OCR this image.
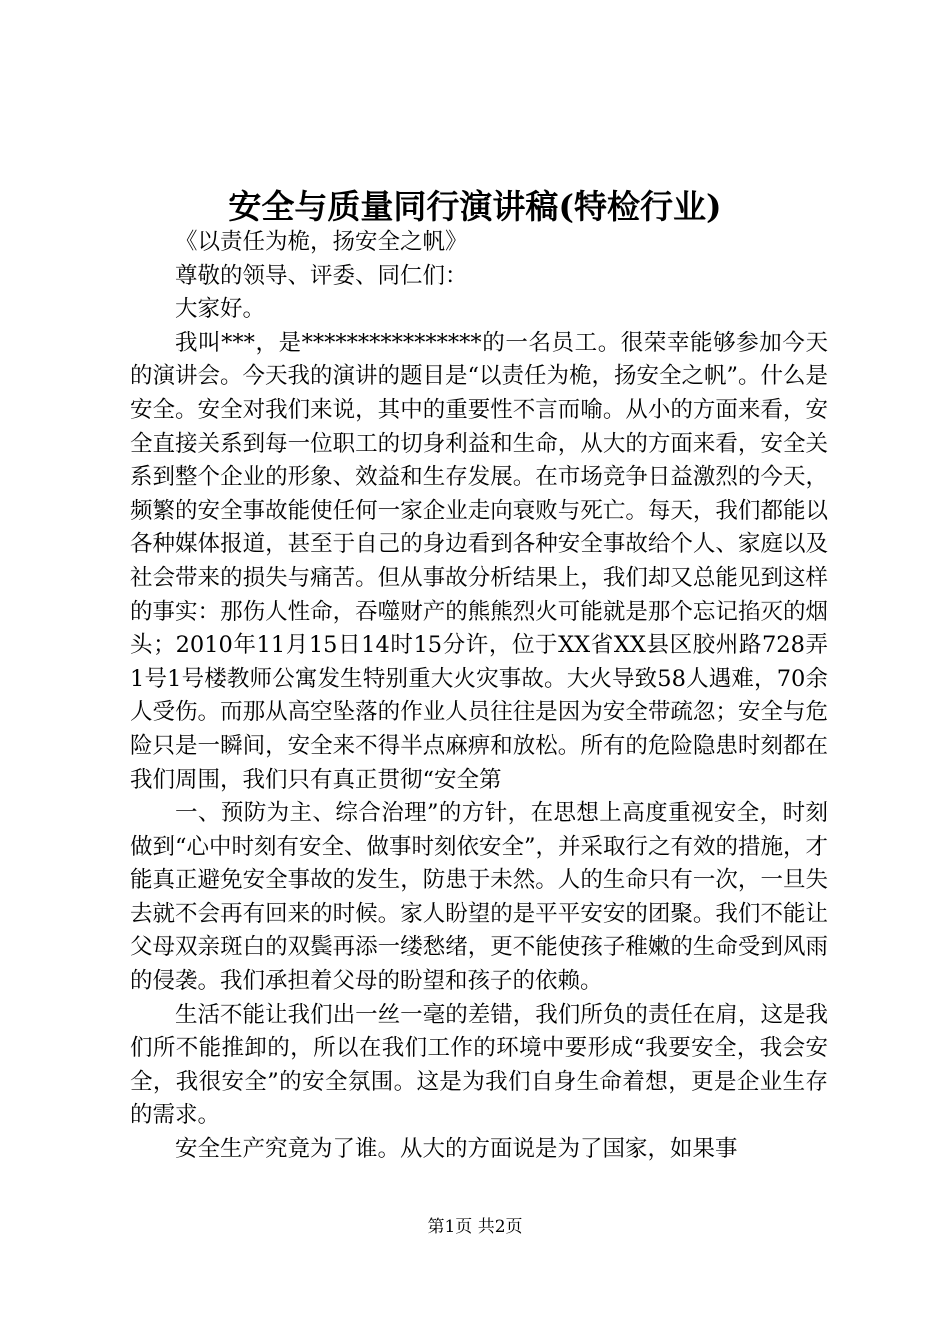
安全与质量同行演讲稿(特检行业)

《以责任为桅，扬安全之帆》

尊敬的领导、评委、同仁们：

大家好。

我叫***，是****************的一名员工。很荣幸能够参加今天的演讲会。今天我的演讲的题目是“以责任为桅，扬安全之帆”。什么是安全。安全对我们来说，其中的重要性不言而喻。从小的方面来看，安全直接关系到每一位职工的切身利益和生命，从大的方面来看，安全关系到整个企业的形象、效益和生存发展。在市场竞争日益激烈的今天，频繁的安全事故能使任何一家企业走向衰败与死亡。每天，我们都能以各种媒体报道，甚至于自己的身边看到各种安全事故给个人、家庭以及社会带来的损失与痛苦。但从事故分析结果上，我们却又总能见到这样的事实：那伤人性命，吞噬财产的熊熊烈火可能就是那个忘记掐灭的烟头；2010年11月15日14时15分许，位于XX省XX县区胶州路728弄1号1号楼教师公寓发生特别重大火灾事故。大火导致58人遇难，70余人受伤。而那从高空坠落的作业人员往往是因为安全带疏忽；安全与危险只是一瞬间，安全来不得半点麻痹和放松。所有的危险隐患时刻都在我们周围，我们只有真正贯彻“安全第

一、预防为主、综合治理”的方针，在思想上高度重视安全，时刻做到“心中时刻有安全、做事时刻依安全”，并采取行之有效的措施，才能真正避免安全事故的发生，防患于未然。人的生命只有一次，一旦失去就不会再有回来的时候。家人盼望的是平平安安的团聚。我们不能让父母双亲斑白的双鬓再添一缕愁绪，更不能使孩子稚嫩的生命受到风雨的侵袭。我们承担着父母的盼望和孩子的依赖。

生活不能让我们出一丝一毫的差错，我们所负的责任在肩，这是我们所不能推卸的，所以在我们工作的环境中要形成“我要安全，我会安全，我很安全”的安全氛围。这是为我们自身生命着想，更是企业生存的需求。

安全生产究竟为了谁。从大的方面说是为了国家，如果事

第1页 共2页
